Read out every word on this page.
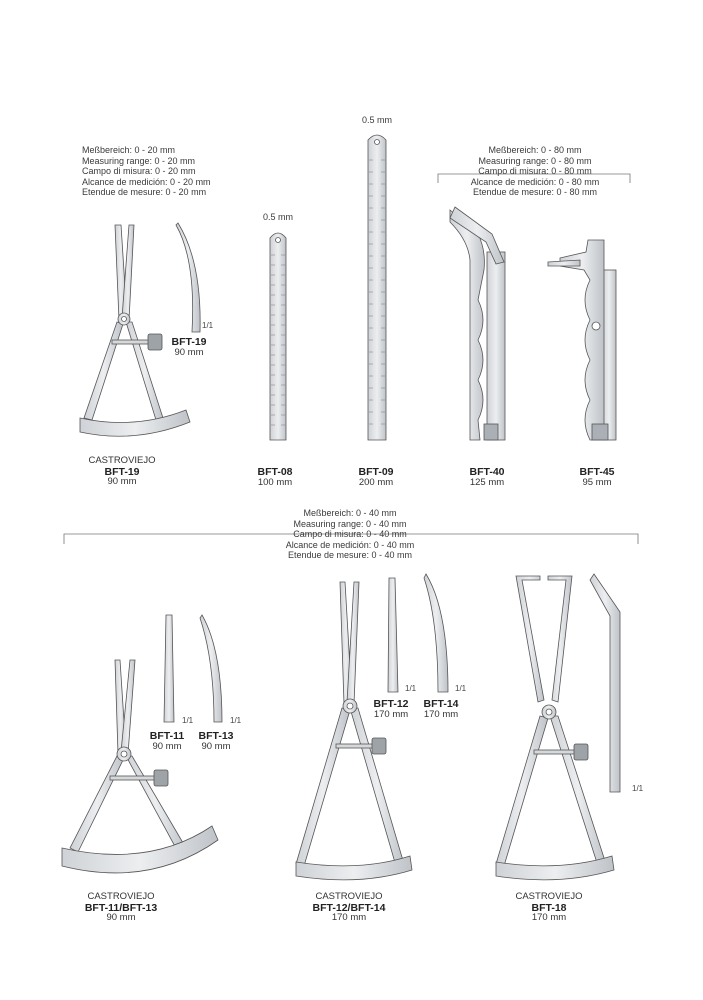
Meßbereich: 0 - 20 mm
Measuring range: 0 - 20 mm
Campo di misura: 0 - 20 mm
Alcance de medición: 0 - 20 mm
Etendue de mesure: 0 - 20 mm
Meßbereich: 0 - 80 mm
Measuring range: 0 - 80 mm
Campo di misura: 0 - 80 mm
Alcance de medición: 0 - 80 mm
Etendue de mesure: 0 - 80 mm
Meßbereich: 0 - 40 mm
Measuring range: 0 - 40 mm
Campo di misura: 0 - 40 mm
Alcance de medición: 0 - 40 mm
Etendue de mesure: 0 - 40 mm
0.5 mm
0.5 mm
1/1
1/1	1/1
1/1	1/1
1/1
BFT-19
90 mm
CASTROVIEJO
BFT-19
90 mm
BFT-08
100 mm
BFT-09
200 mm
BFT-40
125 mm
BFT-45
95 mm
BFT-11
90 mm
BFT-13
90 mm
BFT-12
170 mm
BFT-14
170 mm
CASTROVIEJO
BFT-11/BFT-13
90 mm
CASTROVIEJO
BFT-12/BFT-14
170 mm
CASTROVIEJO
BFT-18
170 mm
